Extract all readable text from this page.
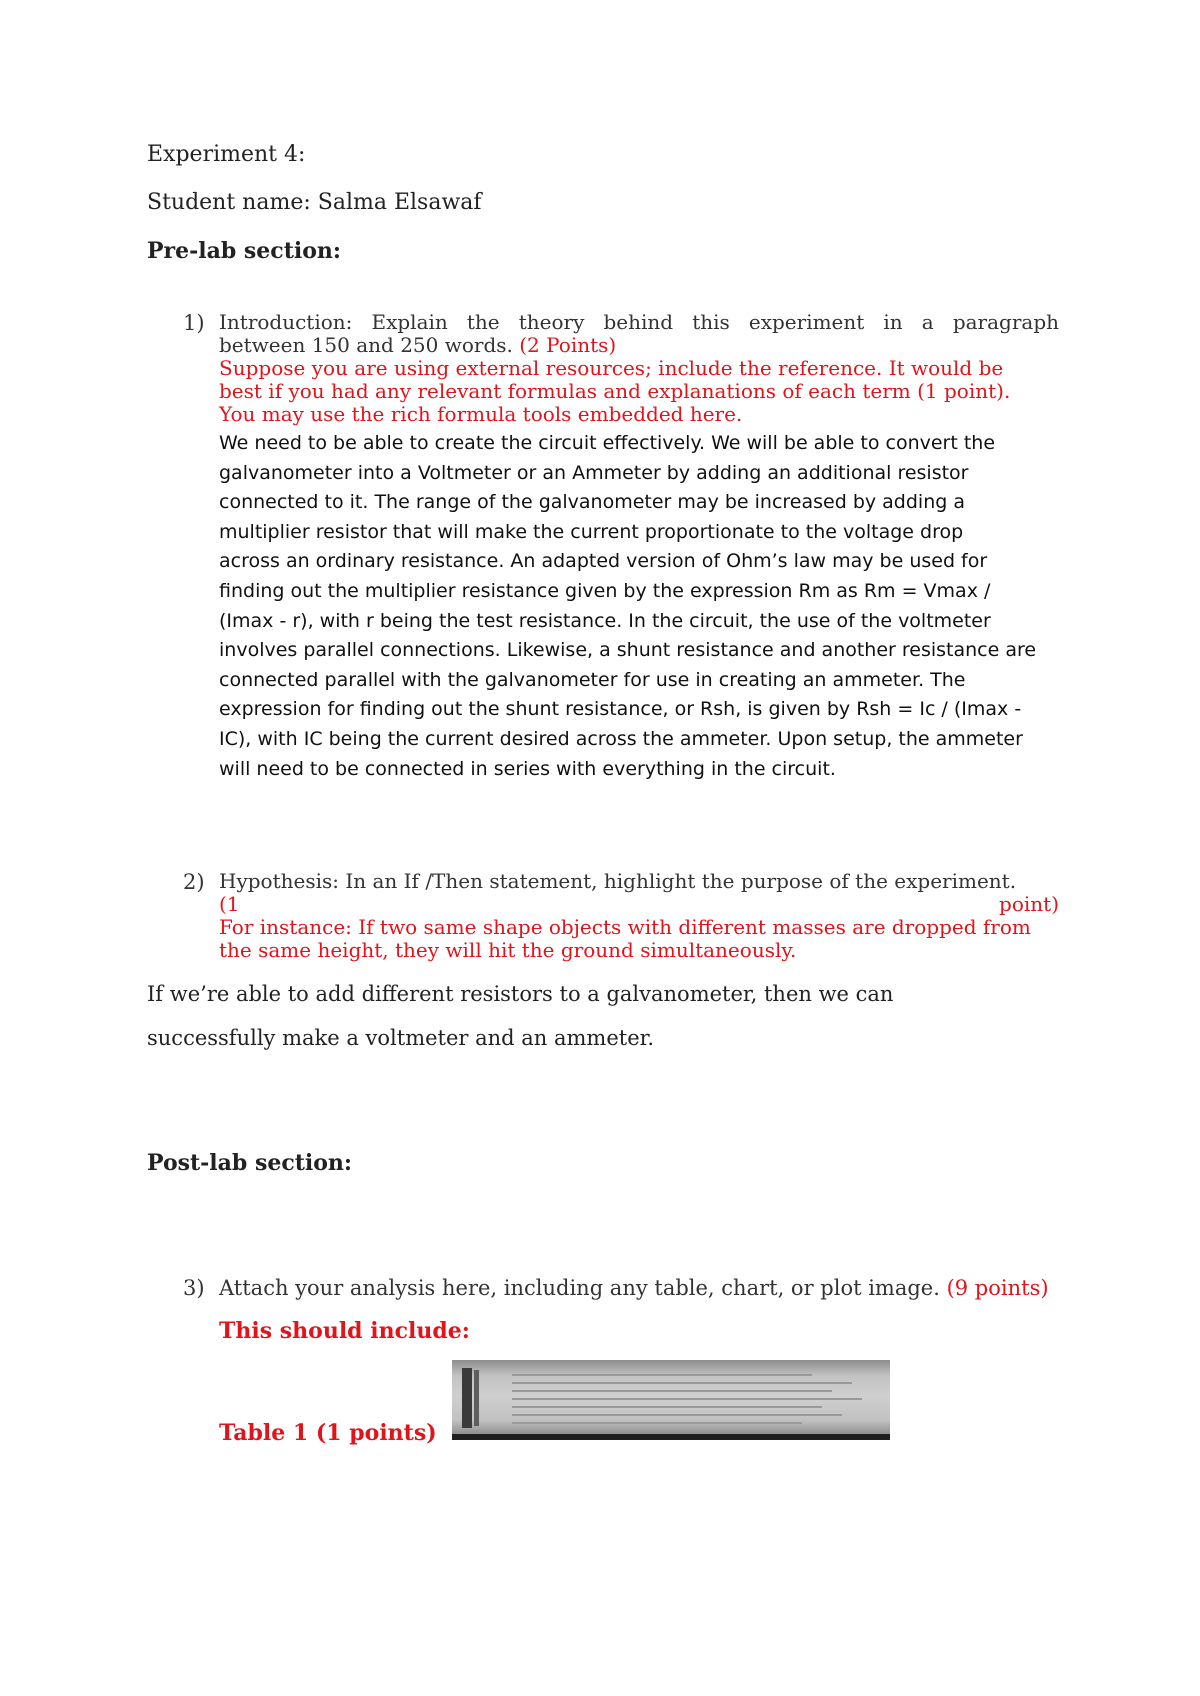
Experiment 4:

Student name: Salma Elsawaf

Pre-lab section:

1) Introduction: Explain the theory behind this experiment in a paragraph
between 150 and 250 words. (2 Points)
Suppose you are using external resources; include the reference. It would be
best if you had any relevant formulas and explanations of each term (1 point).
You may use the rich formula tools embedded here.
We need to be able to create the circuit effectively. We will be able to convert the
galvanometer into a Voltmeter or an Ammeter by adding an additional resistor
connected to it. The range of the galvanometer may be increased by adding a
multiplier resistor that will make the current proportionate to the voltage drop
across an ordinary resistance. An adapted version of Ohm’s law may be used for
finding out the multiplier resistance given by the expression Rm as Rm = Vmax /
(Imax - r), with r being the test resistance. In the circuit, the use of the voltmeter
involves parallel connections. Likewise, a shunt resistance and another resistance are
connected parallel with the galvanometer for use in creating an ammeter. The
expression for finding out the shunt resistance, or Rsh, is given by Rsh = Ic / (Imax -
IC), with IC being the current desired across the ammeter. Upon setup, the ammeter
will need to be connected in series with everything in the circuit.
2) Hypothesis: In an If /Then statement, highlight the purpose of the experiment.
(1	point)
For instance: If two same shape objects with different masses are dropped from
the same height, they will hit the ground simultaneously.

If we’re able to add different resistors to a galvanometer, then we can

successfully make a voltmeter and an ammeter.

Post-lab section:

3) Attach your analysis here, including any table, chart, or plot image. (9 points)

This should include:

Table 1 (1 points)
